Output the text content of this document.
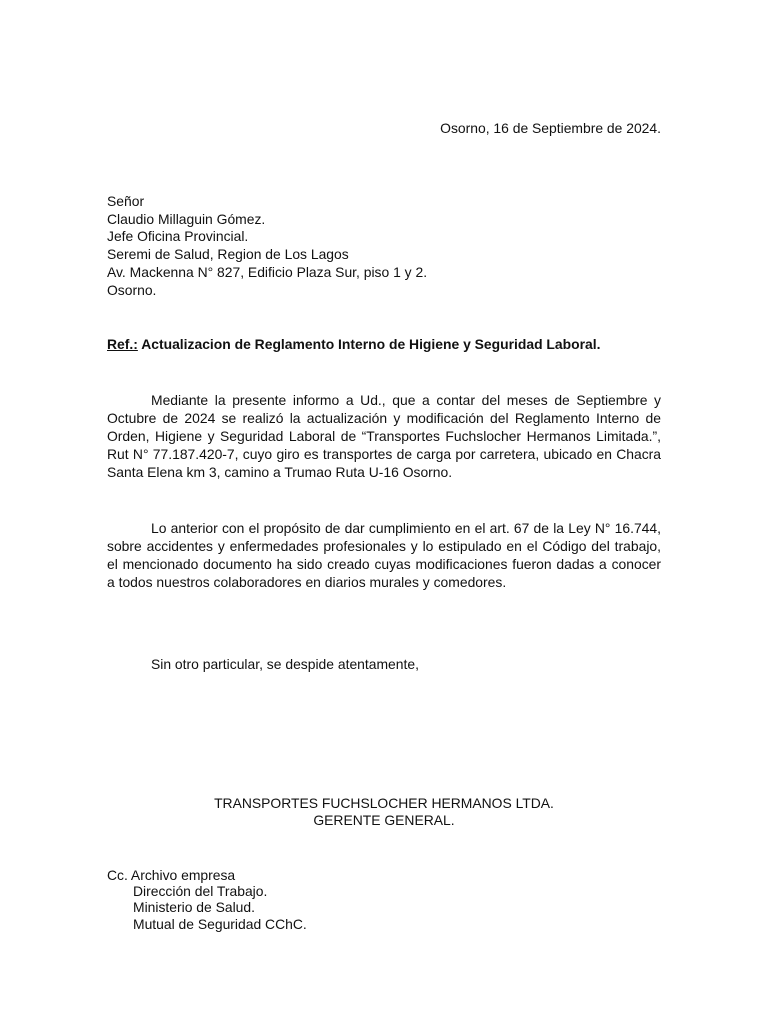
Osorno, 16 de Septiembre de 2024.
Señor
Claudio Millaguin Gómez.
Jefe Oficina Provincial.
Seremi de Salud, Region de Los Lagos
Av. Mackenna N° 827, Edificio Plaza Sur, piso 1 y 2.
Osorno.
Ref.: Actualizacion de Reglamento Interno de Higiene y Seguridad Laboral.
Mediante la presente informo a Ud., que a contar del meses de Septiembre y Octubre de 2024 se realizó la actualización y modificación del Reglamento Interno de Orden, Higiene y Seguridad Laboral de “Transportes Fuchslocher Hermanos Limitada.”, Rut N° 77.187.420-7, cuyo giro es transportes de carga por carretera, ubicado en Chacra Santa Elena km 3, camino a Trumao Ruta U-16 Osorno.
Lo anterior con el propósito de dar cumplimiento en el art. 67 de la Ley N° 16.744, sobre accidentes y enfermedades profesionales y lo estipulado en el Código del trabajo, el mencionado documento ha sido creado cuyas modificaciones fueron dadas a conocer a todos nuestros colaboradores en diarios murales y comedores.
Sin otro particular, se despide atentamente,
TRANSPORTES FUCHSLOCHER HERMANOS LTDA.
GERENTE GENERAL.
Cc. Archivo empresa
Dirección del Trabajo.
Ministerio de Salud.
Mutual de Seguridad CChC.
